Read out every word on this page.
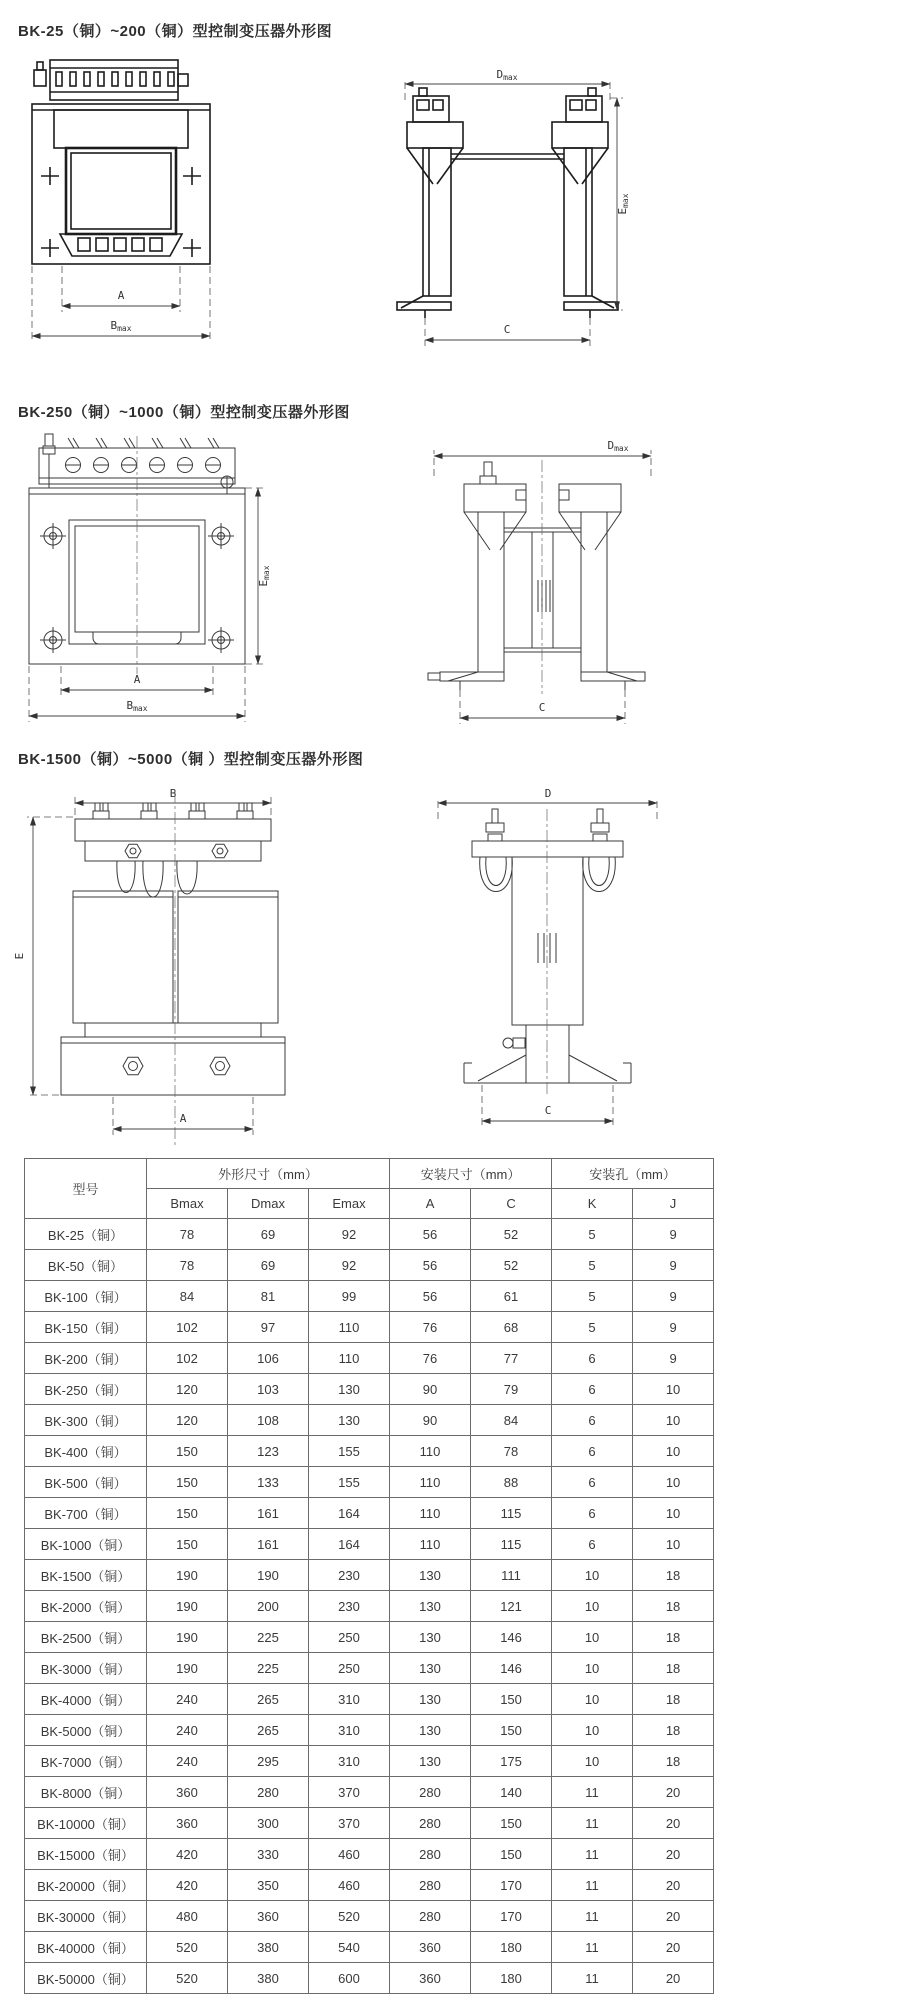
BK-25（铜）~200（铜）型控制变压器外形图
A
Bmax
Dmax
Emax
C
BK-250（铜）~1000（铜）型控制变压器外形图
Emax
A
Bmax
Dmax
C
BK-1500（铜）~5000（铜 ）型控制变压器外形图
B
E
A
D
C
型号	外形尺寸（mm）			安装尺寸（mm）		安装孔（mm）	
	Bmax	Dmax	Emax	A	C	K	J
BK-25（铜）	78	69	92	56	52	5	9
BK-50（铜）	78	69	92	56	52	5	9
BK-100（铜）	84	81	99	56	61	5	9
BK-150（铜）	102	97	110	76	68	5	9
BK-200（铜）	102	106	110	76	77	6	9
BK-250（铜）	120	103	130	90	79	6	10
BK-300（铜）	120	108	130	90	84	6	10
BK-400（铜）	150	123	155	110	78	6	10
BK-500（铜）	150	133	155	110	88	6	10
BK-700（铜）	150	161	164	110	115	6	10
BK-1000（铜）	150	161	164	110	115	6	10
BK-1500（铜）	190	190	230	130	111	10	18
BK-2000（铜）	190	200	230	130	121	10	18
BK-2500（铜）	190	225	250	130	146	10	18
BK-3000（铜）	190	225	250	130	146	10	18
BK-4000（铜）	240	265	310	130	150	10	18
BK-5000（铜）	240	265	310	130	150	10	18
BK-7000（铜）	240	295	310	130	175	10	18
BK-8000（铜）	360	280	370	280	140	11	20
BK-10000（铜）	360	300	370	280	150	11	20
BK-15000（铜）	420	330	460	280	150	11	20
BK-20000（铜）	420	350	460	280	170	11	20
BK-30000（铜）	480	360	520	280	170	11	20
BK-40000（铜）	520	380	540	360	180	11	20
BK-50000（铜）	520	380	600	360	180	11	20
